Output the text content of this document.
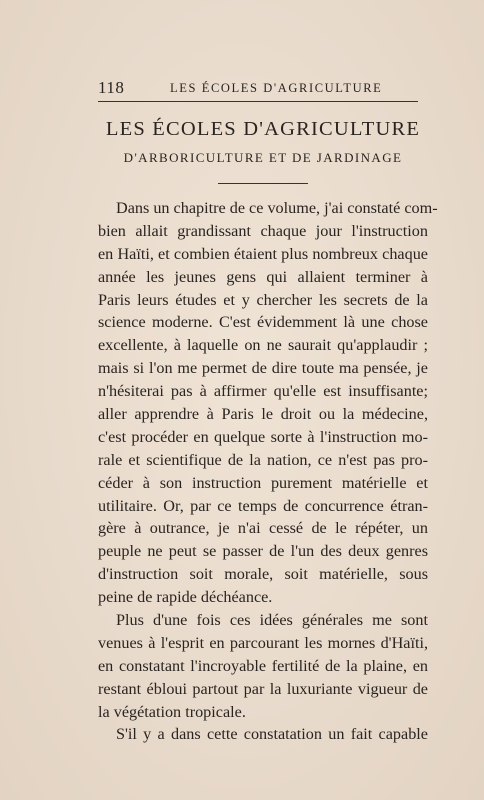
118	LES ÉCOLES D'AGRICULTURE
LES ÉCOLES D'AGRICULTURE
D'ARBORICULTURE ET DE JARDINAGE
Dans un chapitre de ce volume, j'ai constaté com-
bien allait grandissant chaque jour l'instruction
en Haïti, et combien étaient plus nombreux chaque
année les jeunes gens qui allaient terminer à
Paris leurs études et y chercher les secrets de la
science moderne. C'est évidemment là une chose
excellente, à laquelle on ne saurait qu'applaudir ;
mais si l'on me permet de dire toute ma pensée, je
n'hésiterai pas à affirmer qu'elle est insuffisante;
aller apprendre à Paris le droit ou la médecine,
c'est procéder en quelque sorte à l'instruction mo-
rale et scientifique de la nation, ce n'est pas pro-
céder à son instruction purement matérielle et
utilitaire. Or, par ce temps de concurrence étran-
gère à outrance, je n'ai cessé de le répéter, un
peuple ne peut se passer de l'un des deux genres
d'instruction soit morale, soit matérielle, sous
peine de rapide déchéance.
Plus d'une fois ces idées générales me sont
venues à l'esprit en parcourant les mornes d'Haïti,
en constatant l'incroyable fertilité de la plaine, en
restant ébloui partout par la luxuriante vigueur de
la végétation tropicale.
S'il y a dans cette constatation un fait capable
